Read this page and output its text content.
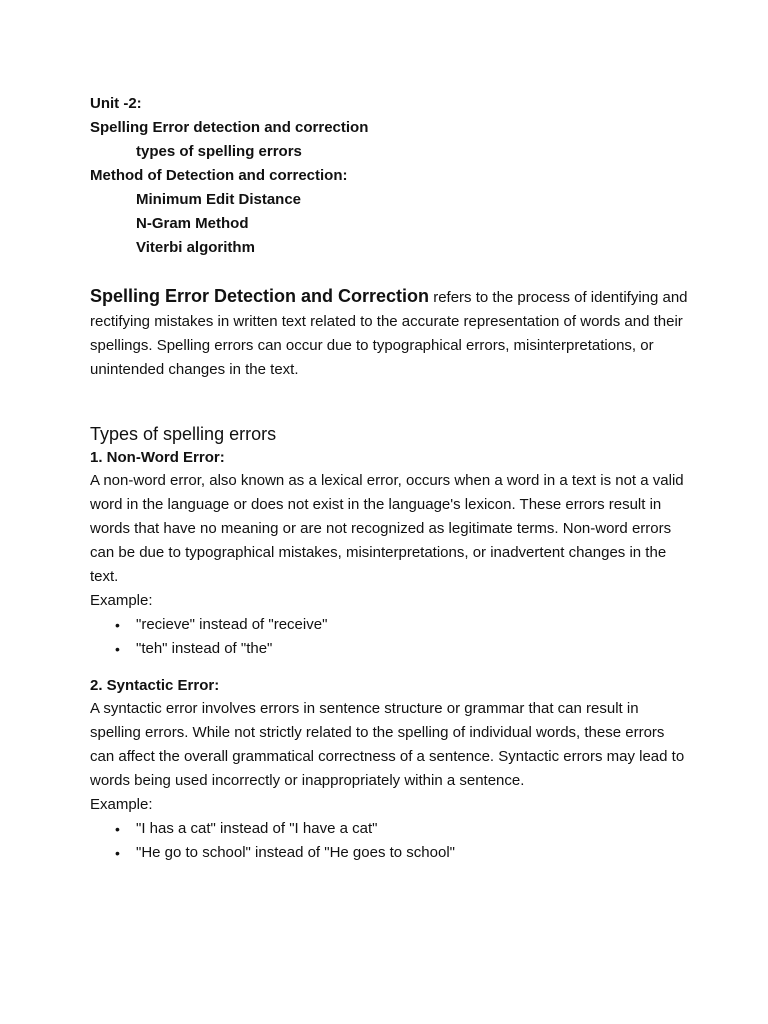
Unit -2:
Spelling Error detection and correction
types of spelling errors
Method of Detection and correction:
Minimum Edit Distance
N-Gram Method
Viterbi algorithm
Spelling Error Detection and Correction refers to the process of identifying and rectifying mistakes in written text related to the accurate representation of words and their spellings. Spelling errors can occur due to typographical errors, misinterpretations, or unintended changes in the text.
Types of spelling errors
1. Non-Word Error:
A non-word error, also known as a lexical error, occurs when a word in a text is not a valid word in the language or does not exist in the language's lexicon. These errors result in words that have no meaning or are not recognized as legitimate terms. Non-word errors can be due to typographical mistakes, misinterpretations, or inadvertent changes in the text.
Example:
• "recieve" instead of "receive"
• "teh" instead of "the"
2. Syntactic Error:
A syntactic error involves errors in sentence structure or grammar that can result in spelling errors. While not strictly related to the spelling of individual words, these errors can affect the overall grammatical correctness of a sentence. Syntactic errors may lead to words being used incorrectly or inappropriately within a sentence.
Example:
• "I has a cat" instead of "I have a cat"
• "He go to school" instead of "He goes to school"
